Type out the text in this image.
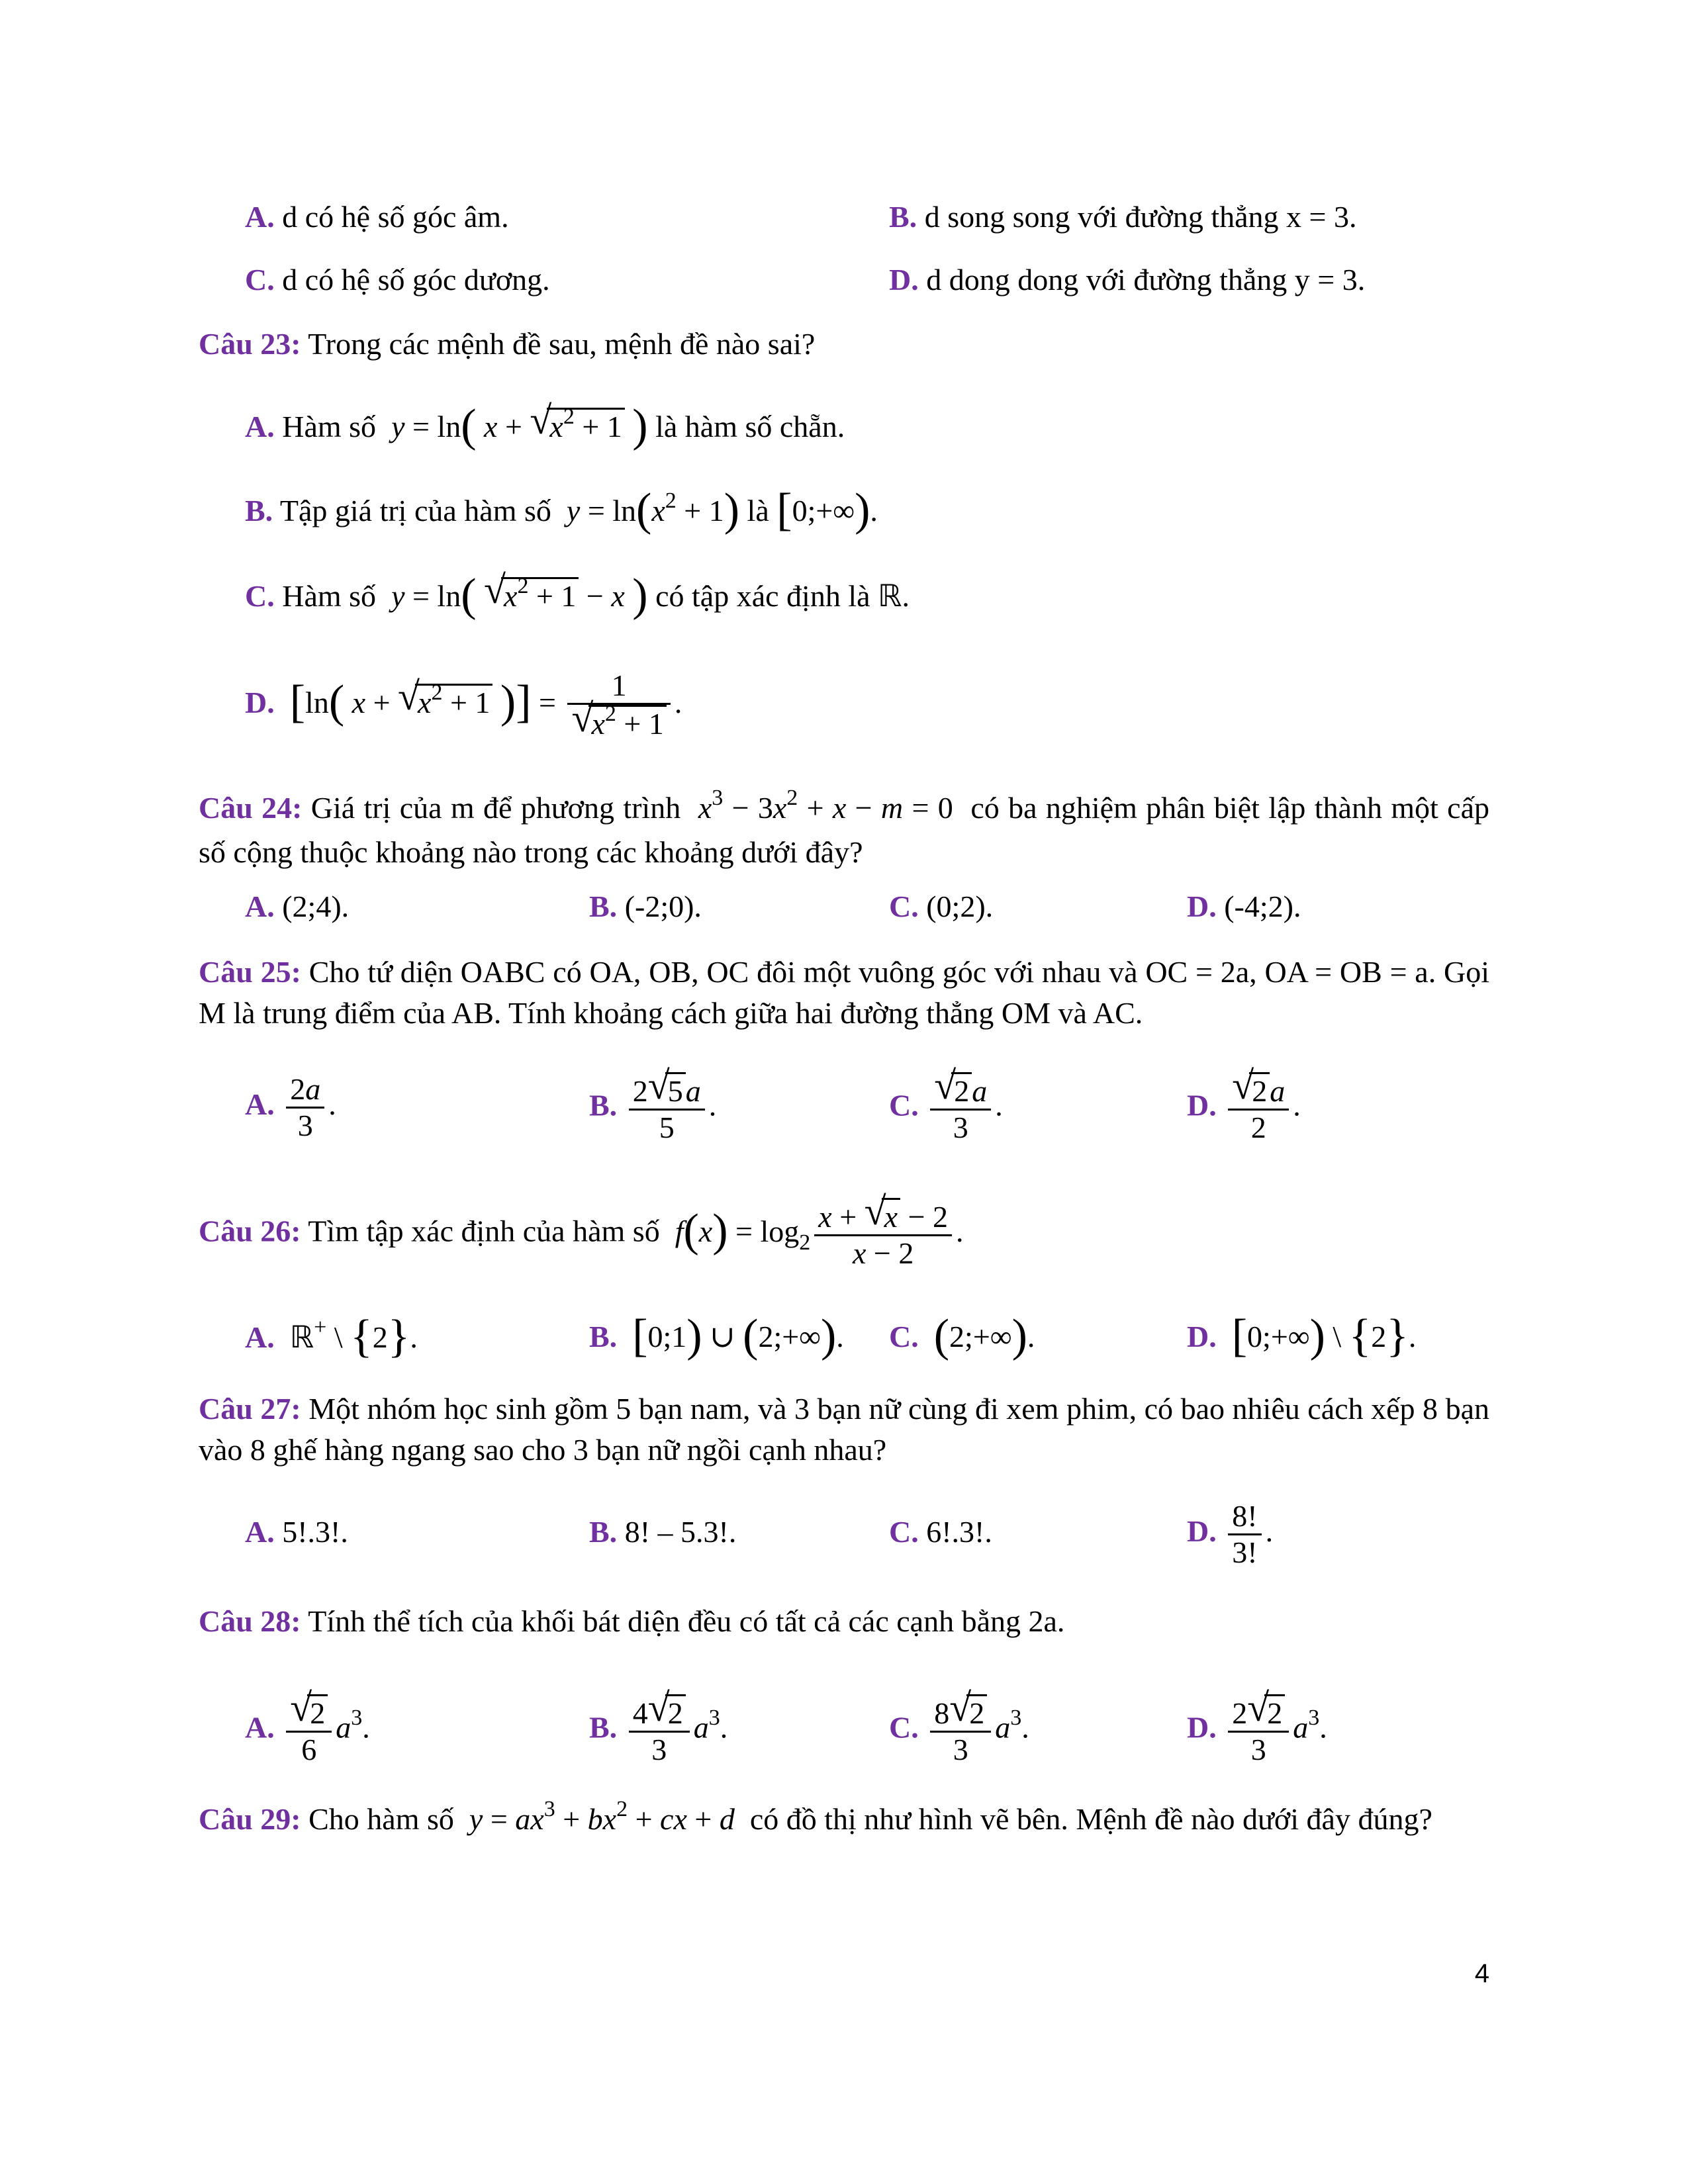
A. d có hệ số góc âm.	B. d song song với đường thẳng x = 3.
C. d có hệ số góc dương.	D. d dong dong với đường thẳng y = 3.
Câu 23: Trong các mệnh đề sau, mệnh đề nào sai?
A. Hàm số y = ln( x + √
$x^2 + 1$ ) là hàm số chẵn.
B. Tập giá trị của hàm số $y = \ln(x^2 + 1)$ là [0;+∞).
C. Hàm số y = ln( √
$x^2 + 1 - x$ ) có tập xác định là ℝ.
D. [ln( x + √
$x^2 + 1$ )] = 1
√
$x^2 + 1$ .
Câu 24: Giá trị của m để phương trình $x^3 - 3x^2 + x - m = 0$  có ba nghiệm phân biệt lập thành một cấp số cộng thuộc khoảng nào trong các khoảng dưới đây?
A. (2;4).	B. (-2;0).	C. (0;2).	D. (-4;2).
Câu 25: Cho tứ diện OABC có OA, OB, OC đôi một vuông góc với nhau và OC = 2a, OA = OB = a. Gọi M là trung điểm của AB. Tính khoảng cách giữa hai đường thẳng OM và AC.
A. $\frac{2a}{3}$ .	B. 2 √
5a
5 .	C. √
2a
3 .	D. √
2a
2 .
Câu 26: Tìm tập xác định của hàm số $f(x) = \log_2 x$ + √
x − 2
x − 2 .
A. ℝ+ \ {2}.	B. [0;1) ∪ (2;+∞). C. (2;+∞).	D. [0;+∞) \ {2}.
Câu 27: Một nhóm học sinh gồm 5 bạn nam, và 3 bạn nữ cùng đi xem phim, có bao nhiêu cách xếp 8 bạn vào 8 ghế hàng ngang sao cho 3 bạn nữ ngồi cạnh nhau?
A. 5!.3!.	B. 8! – 5.3!.	C. 6!.3!.	D. $\frac{8!}{3!}$ .
Câu 28: Tính thể tích của khối bát diện đều có tất cả các cạnh bằng 2a.
A. √
2
6 $a^3$.	B. 4 √
2
3 $a^3$.	C. 8 √
2
3 $a^3$.	D. 2 √
2
3 $a^3$.
Câu 29: Cho hàm số $y = ax^3 + bx^2$ + cx + d có đồ thị như hình vẽ bên. Mệnh đề nào dưới đây đúng?
4
